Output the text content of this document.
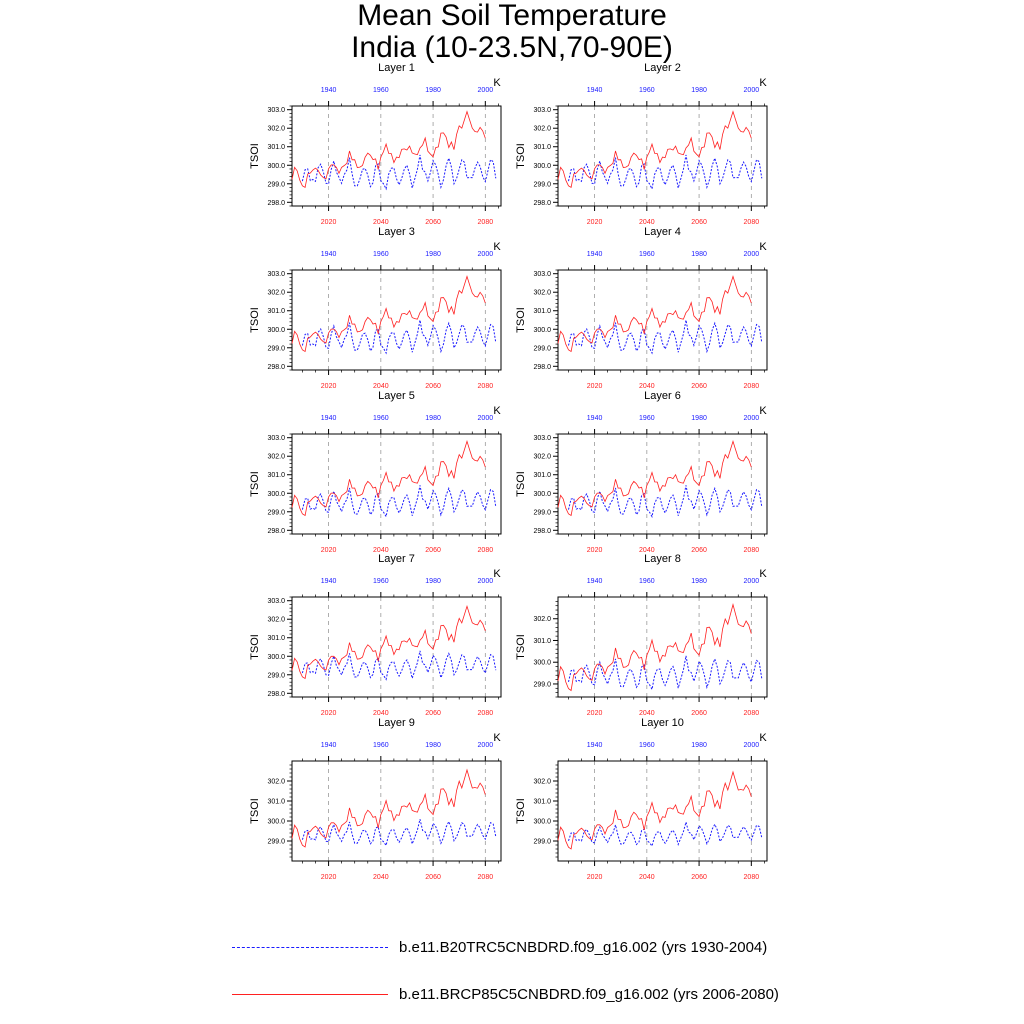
Mean Soil Temperature
India (10-23.5N,70-90E)
Layer 1
K
TSOI
303.0
302.0
301.0
300.0
299.0
298.0
1940	1960	1980	2000
2020	2040	2060	2080
Layer 2
K
TSOI
303.0
302.0
301.0
300.0
299.0
298.0
1940	1960	1980	2000
2020	2040	2060	2080
Layer 3
K
TSOI
303.0
302.0
301.0
300.0
299.0
298.0
1940	1960	1980	2000
2020	2040	2060	2080
Layer 4
K
TSOI
303.0
302.0
301.0
300.0
299.0
298.0
1940	1960	1980	2000
2020	2040	2060	2080
Layer 5
K
TSOI
303.0
302.0
301.0
300.0
299.0
298.0
1940	1960	1980	2000
2020	2040	2060	2080
Layer 6
K
TSOI
303.0
302.0
301.0
300.0
299.0
298.0
1940	1960	1980	2000
2020	2040	2060	2080
Layer 7
K
TSOI
303.0
302.0
301.0
300.0
299.0
298.0
1940	1960	1980	2000
2020	2040	2060	2080
Layer 8
K
TSOI
302.0
301.0
300.0
299.0
1940	1960	1980	2000
2020	2040	2060	2080
Layer 9
K
TSOI
302.0
301.0
300.0
299.0
1940	1960	1980	2000
2020	2040	2060	2080
Layer 10
K
TSOI
302.0
301.0
300.0
299.0
1940	1960	1980	2000
2020	2040	2060	2080
b.e11.B20TRC5CNBDRD.f09_g16.002 (yrs 1930-2004)
b.e11.BRCP85C5CNBDRD.f09_g16.002 (yrs 2006-2080)
